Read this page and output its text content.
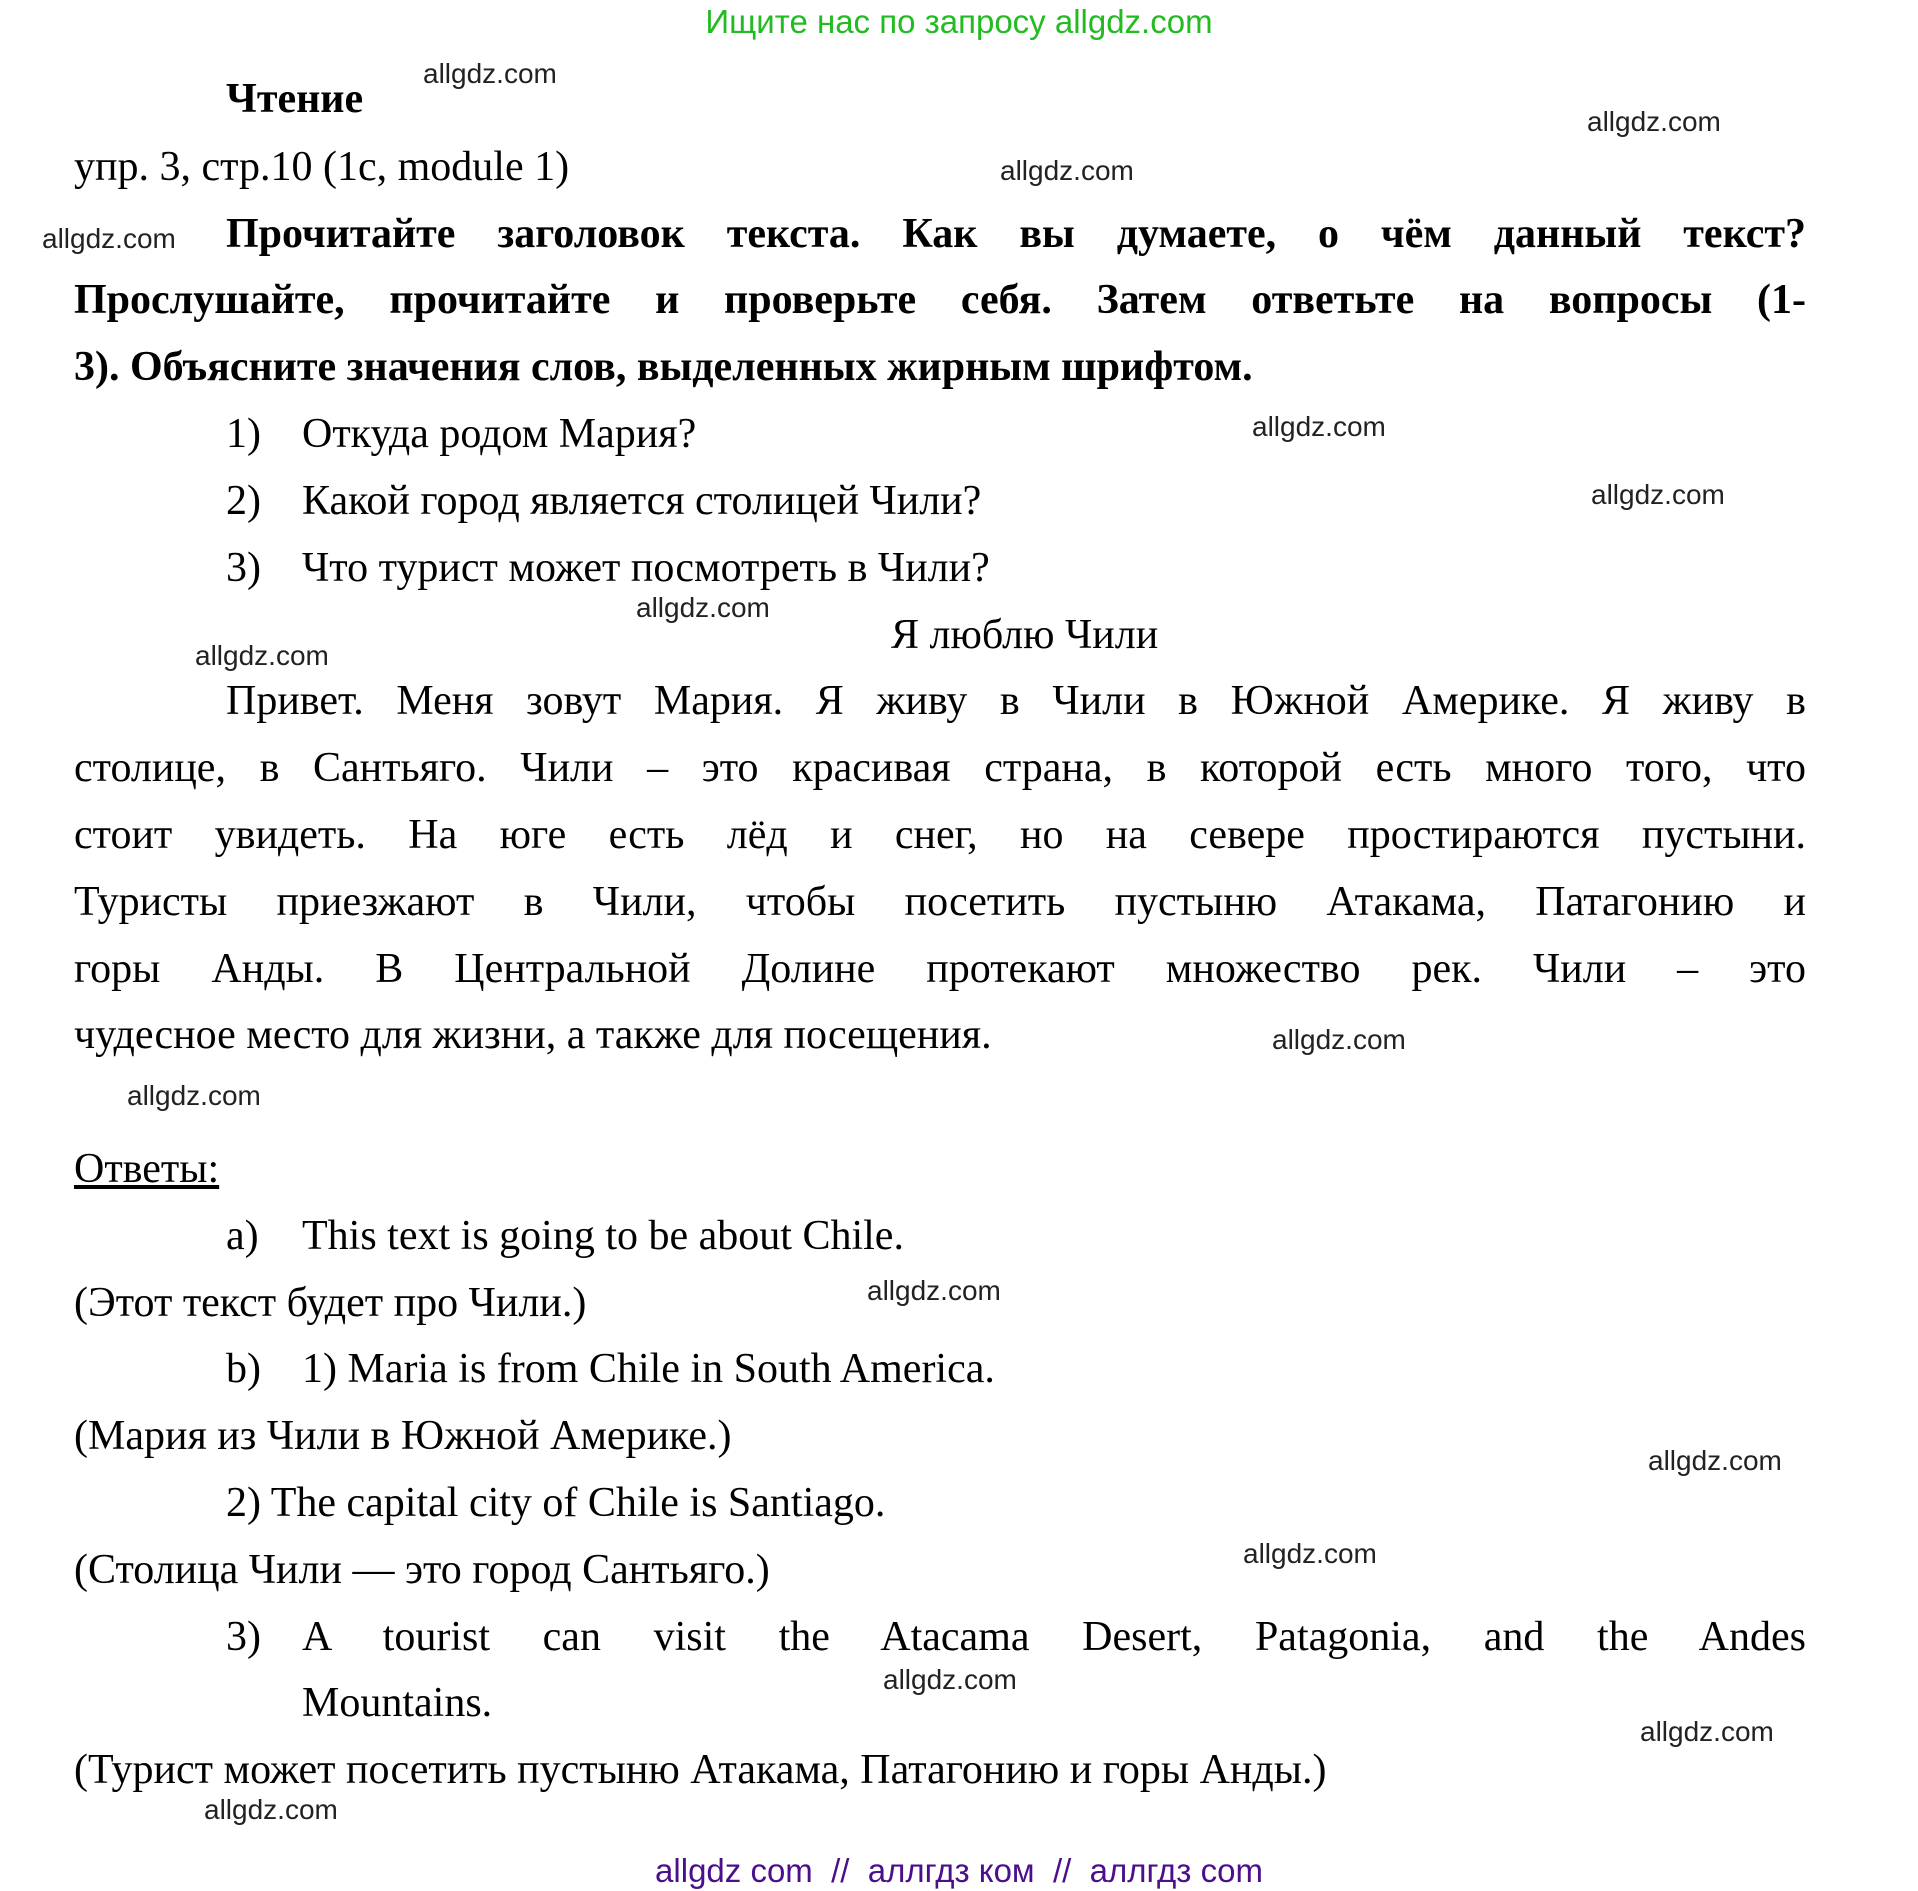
Ищите нас по запросу allgdz.com
Чтение
упр. 3, стр.10 (1c, module 1)
Прочитайте заголовок текста. Как вы думаете, о чём данный текст?
Прослушайте, прочитайте и проверьте себя. Затем ответьте на вопросы (1-
3). Объясните значения слов, выделенных жирным шрифтом.
1) Откуда родом Мария?
2) Какой город является столицей Чили?
3) Что турист может посмотреть в Чили?
Я люблю Чили
Привет. Меня зовут Мария. Я живу в Чили в Южной Америке. Я живу в
столице, в Сантьяго. Чили – это красивая страна, в которой есть много того, что
стоит увидеть. На юге есть лёд и снег, но на севере простираются пустыни.
Туристы приезжают в Чили, чтобы посетить пустыню Атакама, Патагонию и
горы Анды. В Центральной Долине протекают множество рек. Чили – это
чудесное место для жизни, а также для посещения.
Ответы:
a) This text is going to be about Chile.
(Этот текст будет про Чили.)
b) 1) Maria is from Chile in South America.
(Мария из Чили в Южной Америке.)
2) The capital city of Chile is Santiago.
(Столица Чили — это город Сантьяго.)
3) A tourist can visit the Atacama Desert, Patagonia, and the Andes
Mountains.
(Турист может посетить пустыню Атакама, Патагонию и горы Анды.)
allgdz.com
allgdz.com
allgdz.com
allgdz.com
allgdz.com
allgdz.com
allgdz.com
allgdz.com
allgdz.com
allgdz.com
allgdz.com
allgdz.com
allgdz.com
allgdz.com
allgdz.com
allgdz.com
allgdz com  //  аллгдз ком  //  аллгдз com
